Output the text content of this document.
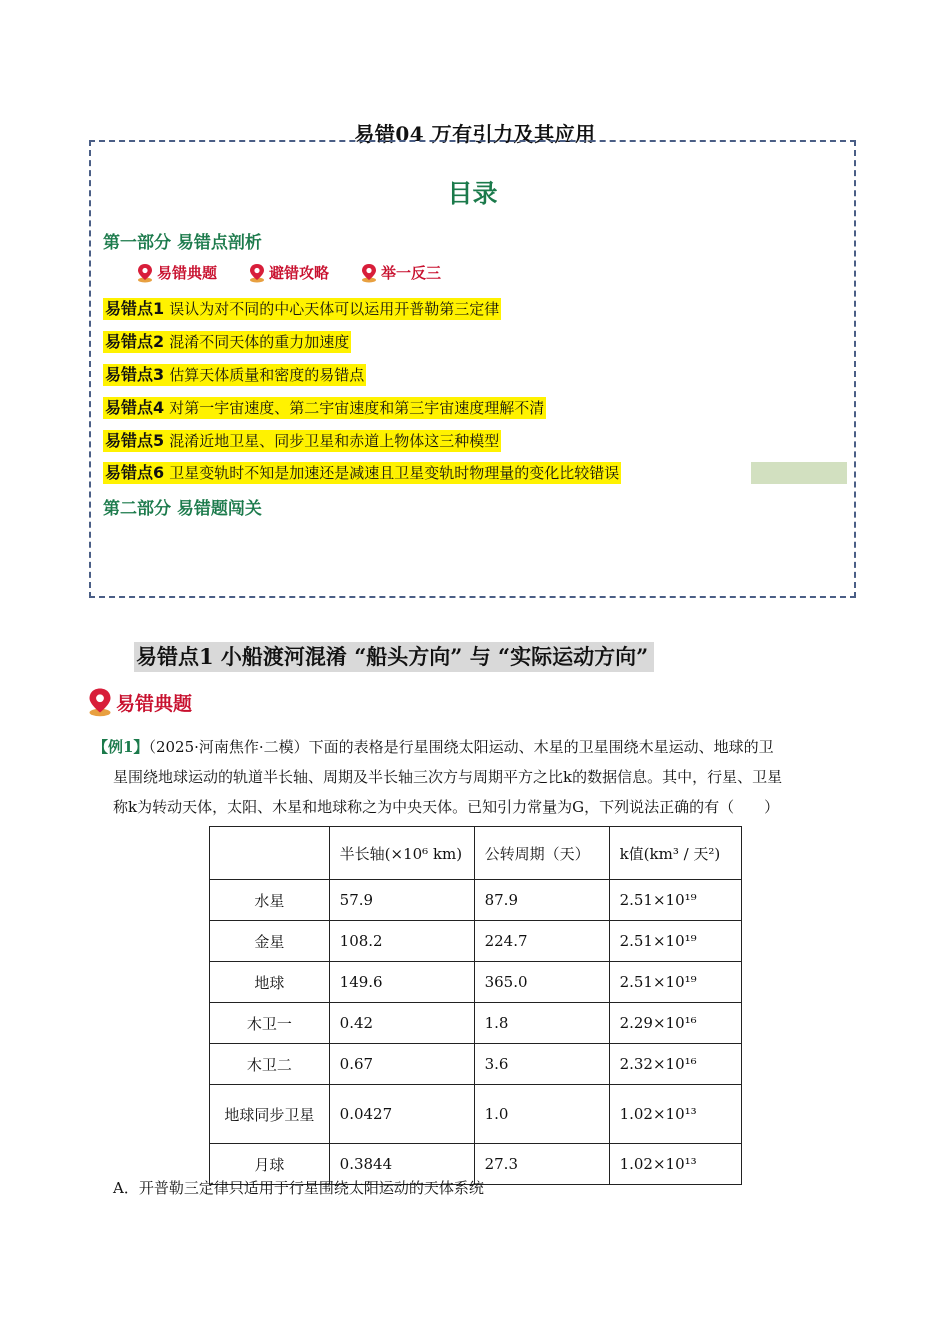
易错04 万有引力及其应用
目录
第一部分 易错点剖析
易错典题	避错攻略	举一反三
易错点1 误认为对不同的中心天体可以运用开普勒第三定律
易错点2 混淆不同天体的重力加速度
易错点3 估算天体质量和密度的易错点
易错点4 对第一宇宙速度、第二宇宙速度和第三宇宙速度理解不清
易错点5 混淆近地卫星、同步卫星和赤道上物体这三种模型
易错点6 卫星变轨时不知是加速还是减速且卫星变轨时物理量的变化比较错误
第二部分 易错题闯关
易错点1 小船渡河混淆 “船头方向” 与 “实际运动方向”
易错典题

【例1】（2025·河南焦作·二模）下面的表格是行星围绕太阳运动、木星的卫星围绕木星运动、地球的卫

星围绕地球运动的轨道半长轴、周期及半长轴三次方与周期平方之比k的数据信息。其中，行星、卫星

称k为转动天体，太阳、木星和地球称之为中央天体。已知引力常量为G，下列说法正确的有（　　）

	半长轴(×10⁶ km)	公转周期（天）	k值(km³ / 天²)
水星	57.9	87.9	2.51×10¹⁹
金星	108.2	224.7	2.51×10¹⁹
地球	149.6	365.0	2.51×10¹⁹
木卫一	0.42	1.8	2.29×10¹⁶
木卫二	0.67	3.6	2.32×10¹⁶
地球同步卫星	0.0427	1.0	1.02×10¹³
月球	0.3844	27.3	1.02×10¹³
A．开普勒三定律只适用于行星围绕太阳运动的天体系统
